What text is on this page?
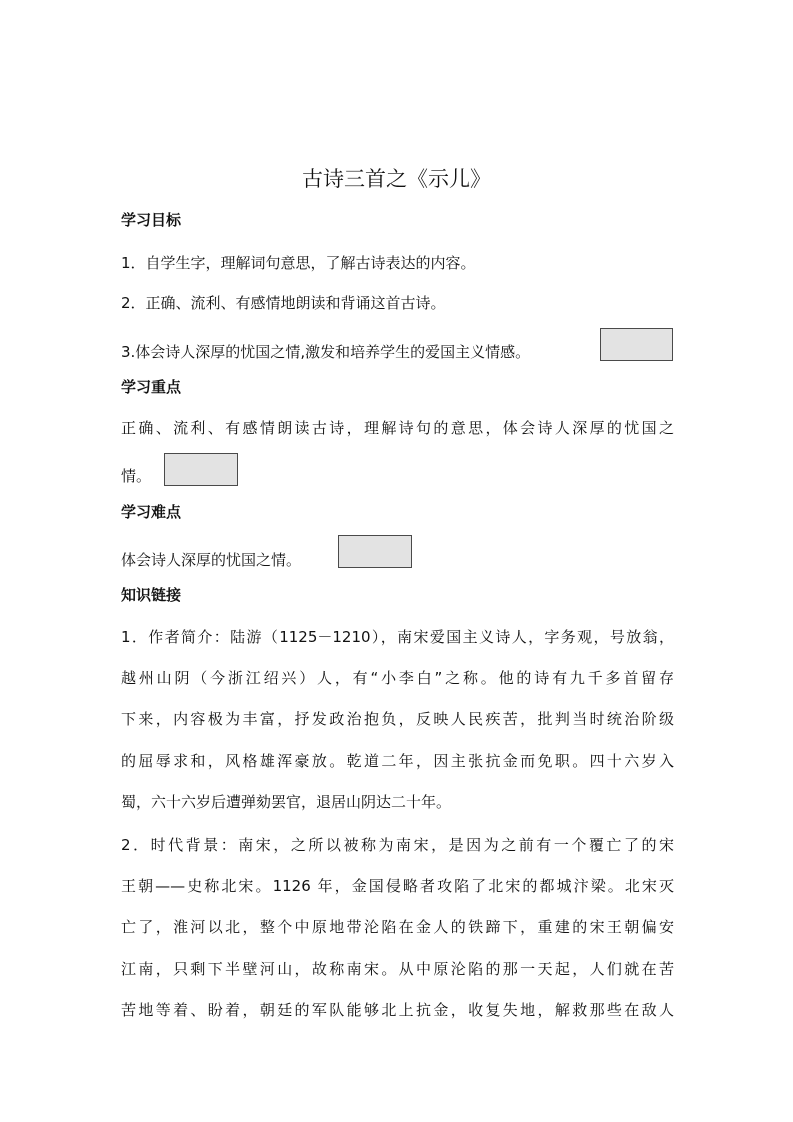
古诗三首之《示儿》
学习目标
1．自学生字，理解词句意思，了解古诗表达的内容。
2．正确、流利、有感情地朗读和背诵这首古诗。
3.体会诗人深厚的忧国之情,激发和培养学生的爱国主义情感。
学习重点
正确、流利、有感情朗读古诗，理解诗句的意思，体会诗人深厚的忧国之
情。
学习难点
体会诗人深厚的忧国之情。
知识链接
1．作者简介：陆游（1125－1210），南宋爱国主义诗人，字务观，号放翁，
越州山阴（今浙江绍兴）人，有“小李白”之称。他的诗有九千多首留存
下来，内容极为丰富，抒发政治抱负，反映人民疾苦，批判当时统治阶级
的屈辱求和，风格雄浑豪放。乾道二年，因主张抗金而免职。四十六岁入
蜀，六十六岁后遭弹劾罢官，退居山阴达二十年。
2．时代背景：南宋，之所以被称为南宋，是因为之前有一个覆亡了的宋
王朝——史称北宋。1126 年，金国侵略者攻陷了北宋的都城汴梁。北宋灭
亡了，淮河以北，整个中原地带沦陷在金人的铁蹄下，重建的宋王朝偏安
江南，只剩下半壁河山，故称南宋。从中原沦陷的那一天起，人们就在苦
苦地等着、盼着，朝廷的军队能够北上抗金，收复失地，解救那些在敌人
